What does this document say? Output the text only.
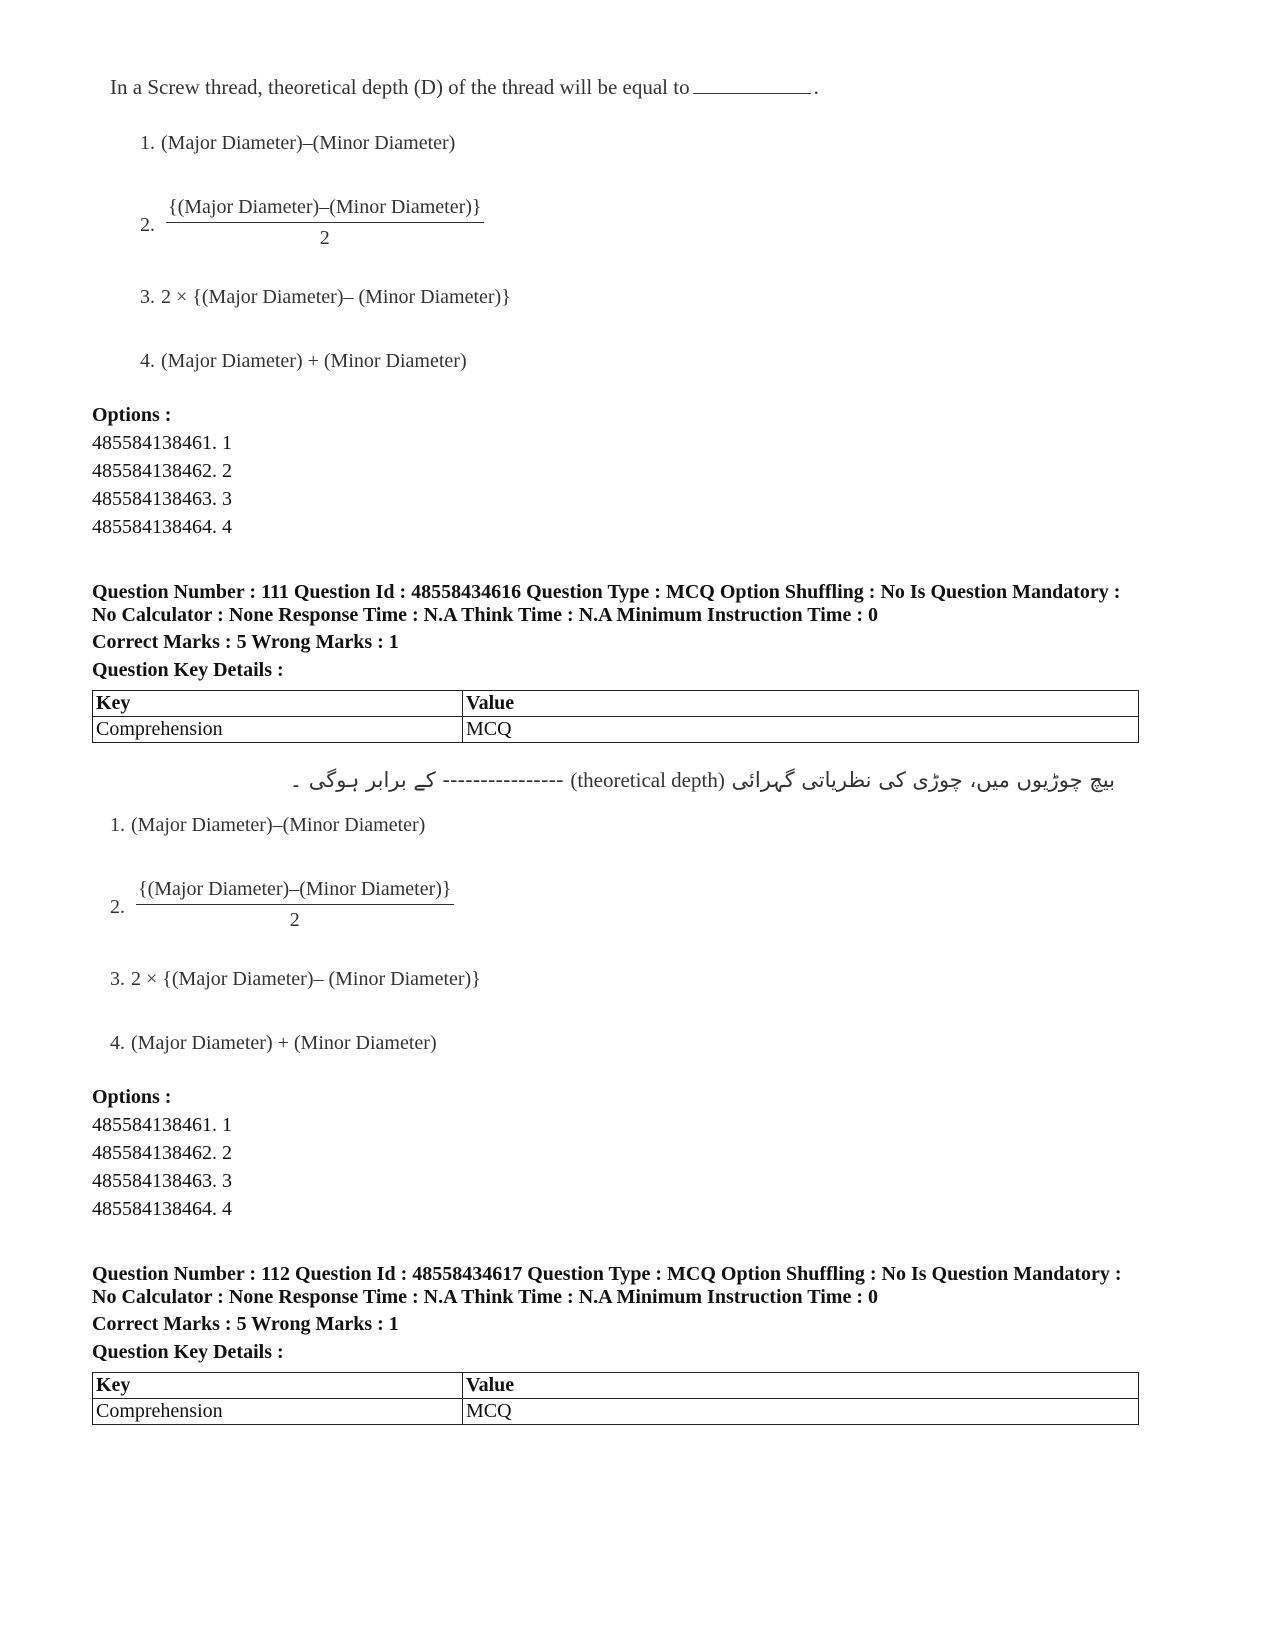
In a Screw thread, theoretical depth (D) of the thread will be equal to	.
1. (Major Diameter)–(Minor Diameter)
2.
{(Major Diameter)–(Minor Diameter)}
2
3. 2 × {(Major Diameter)– (Minor Diameter)}
4. (Major Diameter) + (Minor Diameter)
Options :
485584138461. 1
485584138462. 2
485584138463. 3
485584138464. 4
Question Number : 111 Question Id : 48558434616 Question Type : MCQ Option Shuffling : No Is Question Mandatory :
No Calculator : None Response Time : N.A Think Time : N.A Minimum Instruction Time : 0
Correct Marks : 5 Wrong Marks : 1
Question Key Details :
Key	Value
Comprehension	MCQ
بیچ چوڑیوں میں، چوڑی کی نظریاتی گہرائی (theoretical depth) ---------------- کے برابر ہوگی ۔
1. (Major Diameter)–(Minor Diameter)
2.
{(Major Diameter)–(Minor Diameter)}
2
3. 2 × {(Major Diameter)– (Minor Diameter)}
4. (Major Diameter) + (Minor Diameter)
Options :
485584138461. 1
485584138462. 2
485584138463. 3
485584138464. 4
Question Number : 112 Question Id : 48558434617 Question Type : MCQ Option Shuffling : No Is Question Mandatory :
No Calculator : None Response Time : N.A Think Time : N.A Minimum Instruction Time : 0
Correct Marks : 5 Wrong Marks : 1
Question Key Details :
Key	Value
Comprehension	MCQ
